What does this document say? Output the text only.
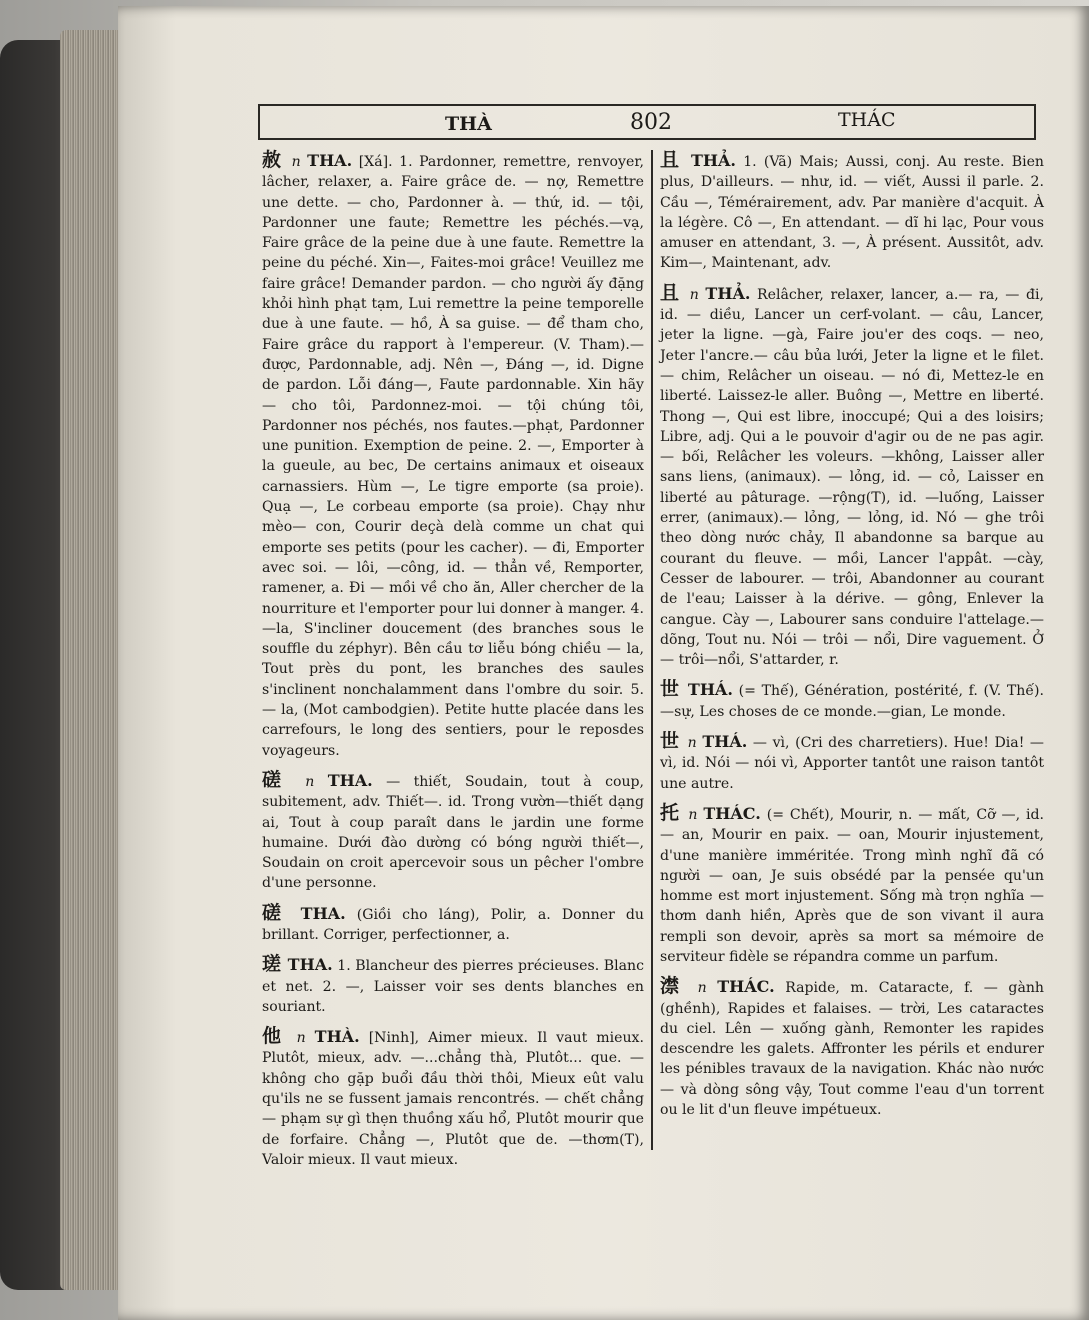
THÀ	802	THÁC

赦 n THA. [Xá]. 1. Pardonner, remettre, renvoyer, lâcher, relaxer, a. Faire grâce de. — nợ, Remettre une dette. — cho, Pardonner à. — thứ, id. — tội, Pardonner une faute; Remettre les péchés.—vạ, Faire grâce de la peine due à une faute. Remettre la peine du péché. Xin—, Faites-moi grâce! Veuillez me faire grâce! Demander pardon. — cho người ấy đặng khỏi hình phạt tạm, Lui remettre la peine temporelle due à une faute. — hồ, À sa guise. — để tham cho, Faire grâce du rapport à l'empereur. (V. Tham).— được, Pardonnable, adj. Nên —, Đáng —, id. Digne de pardon. Lỗi đáng—, Faute pardonnable. Xin hãy — cho tôi, Pardonnez-moi. — tội chúng tôi, Pardonner nos péchés, nos fautes.—phạt, Pardonner une punition. Exemption de peine. 2. —, Emporter à la gueule, au bec, De certains animaux et oiseaux carnassiers. Hùm —, Le tigre emporte (sa proie). Quạ —, Le corbeau emporte (sa proie). Chạy như mèo— con, Courir deçà delà comme un chat qui emporte ses petits (pour les cacher). — đi, Emporter avec soi. — lôi, —công, id. — thẳn về, Remporter, ramener, a. Đi — mồi về cho ăn, Aller chercher de la nourriture et l'emporter pour lui donner à manger. 4. —la, S'incliner doucement (des branches sous le souffle du zéphyr). Bên cầu tơ liễu bóng chiều — la, Tout près du pont, les branches des saules s'inclinent nonchalamment dans l'ombre du soir. 5. — la, (Mot cambodgien). Petite hutte placée dans les carrefours, le long des sentiers, pour le reposdes voyageurs.

磋 n THA. — thiết, Soudain, tout à coup, subitement, adv. Thiết—. id. Trong vườn—thiết dạng ai, Tout à coup paraît dans le jardin une forme humaine. Dưới đào dường có bóng người thiết—, Soudain on croit apercevoir sous un pêcher l'ombre d'une personne.

磋 THA. (Giồi cho láng), Polir, a. Donner du brillant. Corriger, perfectionner, a.

瑳 THA. 1. Blancheur des pierres précieuses. Blanc et net. 2. —, Laisser voir ses dents blanches en souriant.

他 n THÀ. [Ninh], Aimer mieux. Il vaut mieux. Plutôt, mieux, adv. —...chẳng thà, Plutôt... que. — không cho gặp buổi đầu thời thôi, Mieux eût valu qu'ils ne se fussent jamais rencontrés. — chết chẳng — phạm sự gì thẹn thuồng xấu hổ, Plutôt mourir que de forfaire. Chẳng —, Plutôt que de. —thơm(T), Valoir mieux. Il vaut mieux.

且 THẢ. 1. (Vã) Mais; Aussi, conj. Au reste. Bien plus, D'ailleurs. — như, id. — viết, Aussi il parle. 2. Cầu —, Témérairement, adv. Par manière d'acquit. À la légère. Cô —, En attendant. — dĩ hi lạc, Pour vous amuser en attendant, 3. —, À présent. Aussitôt, adv. Kim—, Maintenant, adv.

且 n THẢ. Relâcher, relaxer, lancer, a.— ra, — đi, id. — diều, Lancer un cerf-volant. — câu, Lancer, jeter la ligne. —gà, Faire jou'er des coqs. — neo, Jeter l'ancre.— câu bủa lưới, Jeter la ligne et le filet. — chim, Relâcher un oiseau. — nó đi, Mettez-le en liberté. Laissez-le aller. Buông —, Mettre en liberté. Thong —, Qui est libre, inoccupé; Qui a des loisirs; Libre, adj. Qui a le pouvoir d'agir ou de ne pas agir. — bối, Relâcher les voleurs. —không, Laisser aller sans liens, (animaux). — lỏng, id. — cỏ, Laisser en liberté au pâturage. —rộng(T), id. —luống, Laisser errer, (animaux).— lỏng, — lỏng, id. Nó — ghe trôi theo dòng nước chảy, Il abandonne sa barque au courant du fleuve. — mồi, Lancer l'appât. —cày, Cesser de labourer. — trôi, Abandonner au courant de l'eau; Laisser à la dérive. — gông, Enlever la cangue. Cày —, Labourer sans conduire l'attelage.— dõng, Tout nu. Nói — trôi — nổi, Dire vaguement. Ở — trôi—nổi, S'attarder, r.

世 THÁ. (= Thế), Génération, postérité, f. (V. Thế). —sự, Les choses de ce monde.—gian, Le monde.

世 n THÁ. — vì, (Cri des charretiers). Hue! Dia! —vì, id. Nói — nói vì, Apporter tantôt une raison tantôt une autre.

托 n THÁC. (= Chết), Mourir, n. — mất, Cỡ —, id. — an, Mourir en paix. — oan, Mourir injustement, d'une manière imméritée. Trong mình nghĩ đã có người — oan, Je suis obsédé par la pensée qu'un homme est mort injustement. Sống mà trọn nghĩa — thơm danh hiền, Après que de son vivant il aura rempli son devoir, après sa mort sa mémoire de serviteur fidèle se répandra comme un parfum.

澿 n THÁC. Rapide, m. Cataracte, f. — gành (ghềnh), Rapides et falaises. — trời, Les cataractes du ciel. Lên — xuống gành, Remonter les rapides descendre les galets. Affronter les périls et endurer les pénibles travaux de la navigation. Khác nào nước — và dòng sông vậy, Tout comme l'eau d'un torrent ou le lit d'un fleuve impétueux.
